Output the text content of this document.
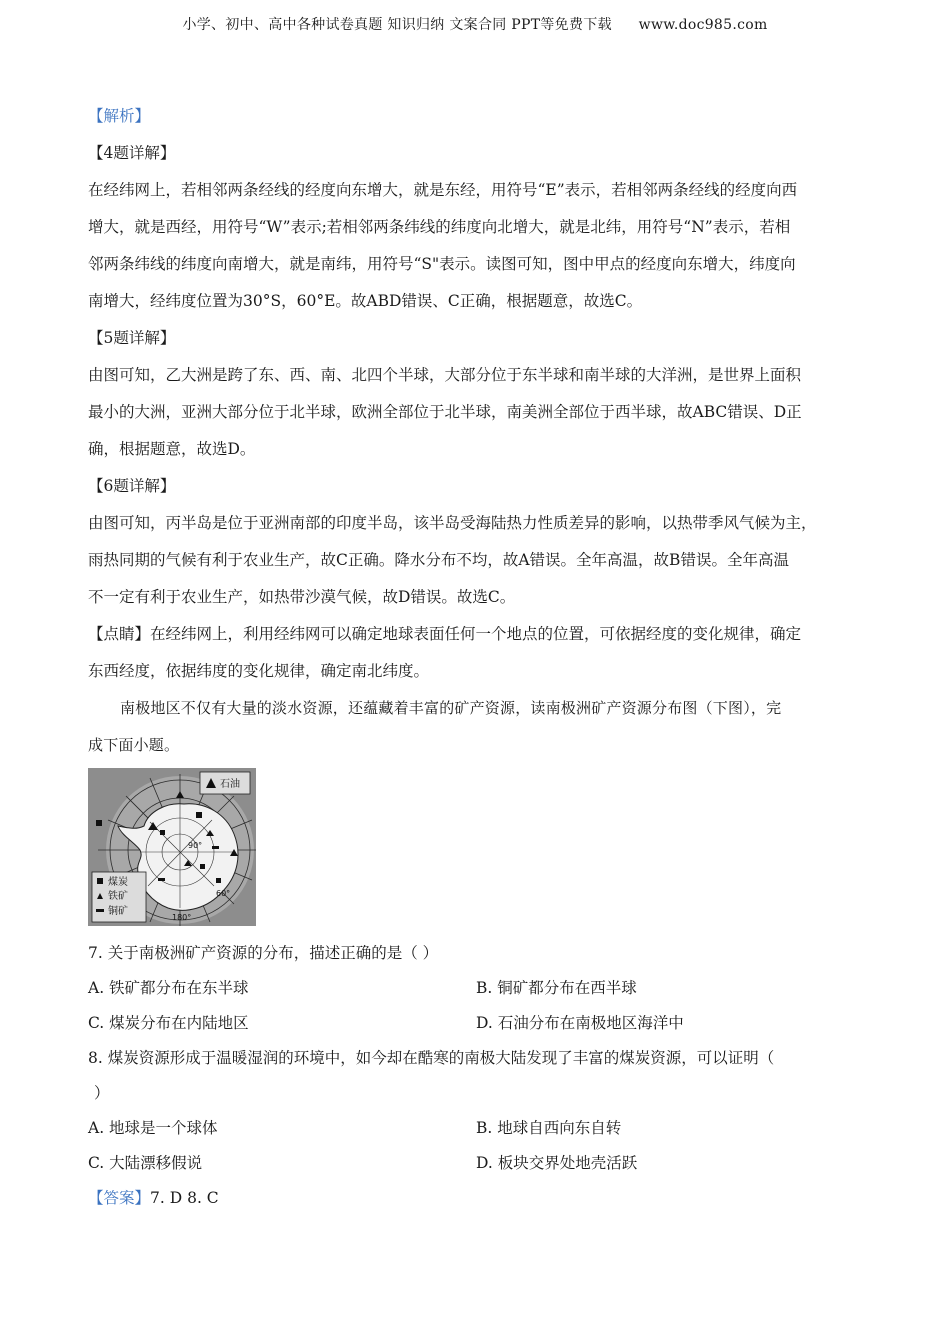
小学、初中、高中各种试卷真题 知识归纳 文案合同 PPT等免费下载 www.doc985.com
【解析】
【4题详解】
在经纬网上，若相邻两条经线的经度向东增大，就是东经，用符号“E”表示，若相邻两条经线的经度向西
增大，就是西经，用符号“W”表示;若相邻两条纬线的纬度向北增大，就是北纬，用符号“N”表示，若相
邻两条纬线的纬度向南增大，就是南纬，用符号“S"表示。读图可知，图中甲点的经度向东增大，纬度向
南增大，经纬度位置为30°S，60°E。故ABD错误、C正确，根据题意，故选C。
【5题详解】
由图可知，乙大洲是跨了东、西、南、北四个半球，大部分位于东半球和南半球的大洋洲，是世界上面积
最小的大洲，亚洲大部分位于北半球，欧洲全部位于北半球，南美洲全部位于西半球，故ABC错误、D正
确，根据题意，故选D。
【6题详解】
由图可知，丙半岛是位于亚洲南部的印度半岛，该半岛受海陆热力性质差异的影响，以热带季风气候为主，
雨热同期的气候有利于农业生产，故C正确。降水分布不均，故A错误。全年高温，故B错误。全年高温
不一定有利于农业生产，如热带沙漠气候，故D错误。故选C。
【点睛】在经纬网上，利用经纬网可以确定地球表面任何一个地点的位置，可依据经度的变化规律，确定
东西经度，依据纬度的变化规律，确定南北纬度。
南极地区不仅有大量的淡水资源，还蕴藏着丰富的矿产资源，读南极洲矿产资源分布图（下图），完
成下面小题。
石油
煤炭
铁矿
铜矿
90°
180°
60°
7. 关于南极洲矿产资源的分布，描述正确的是（ ）
A. 铁矿都分布在东半球	B. 铜矿都分布在西半球
C. 煤炭分布在内陆地区	D. 石油分布在南极地区海洋中
8. 煤炭资源形成于温暖湿润的环境中，如今却在酷寒的南极大陆发现了丰富的煤炭资源，可以证明（
）
A. 地球是一个球体	B. 地球自西向东自转
C. 大陆漂移假说	D. 板块交界处地壳活跃
【答案】7. D 8. C
